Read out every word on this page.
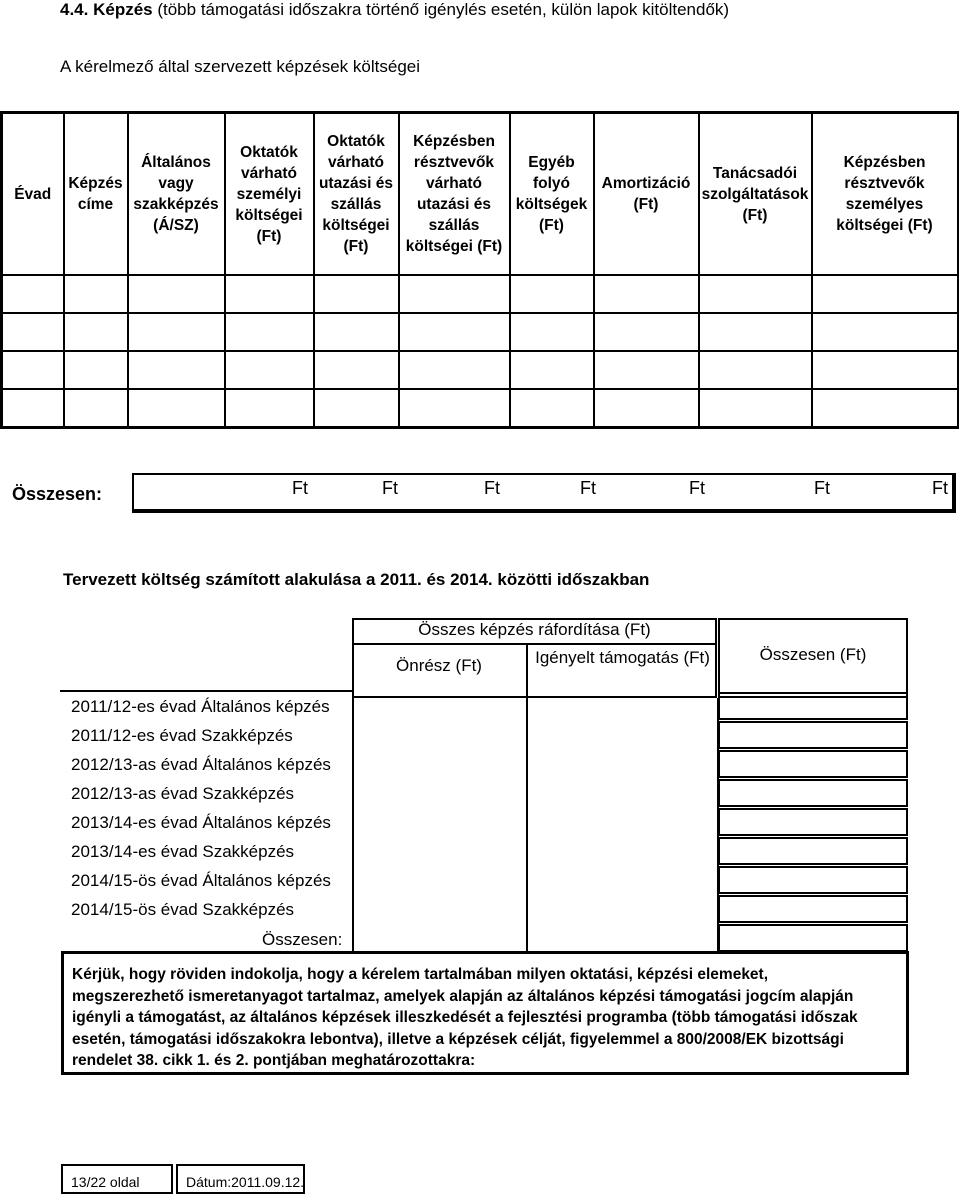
4.4. Képzés (több támogatási időszakra történő igénylés esetén, külön lapok kitöltendők)
A kérelmező által szervezett képzések költségei
Évad	Képzés címe	Általános vagy szakképzés (Á/SZ)	Oktatók várható személyi költségei (Ft)	Oktatók várható utazási és szállás költségei (Ft)	Képzésben résztvevők várható utazási és szállás költségei (Ft)	Egyéb folyó költségek (Ft)	Amortizáció (Ft)	Tanácsadói szolgáltatások (Ft)	Képzésben résztvevők személyes költségei (Ft)

Összesen:	Ft	Ft	Ft	Ft	Ft	Ft	Ft
Tervezett költség számított alakulása a 2011. és 2014. közötti időszakban
Összes képzés ráfordítása (Ft)
Önrész (Ft)	Igényelt támogatás (Ft)	Összesen (Ft)
2011/12-es évad Általános képzés
2011/12-es évad Szakképzés
2012/13-as évad Általános képzés
2012/13-as évad Szakképzés
2013/14-es évad Általános képzés
2013/14-es évad Szakképzés
2014/15-ös évad Általános képzés
2014/15-ös évad Szakképzés
Összesen:
Kérjük, hogy röviden indokolja, hogy a kérelem tartalmában milyen oktatási, képzési elemeket,
megszerezhető ismeretanyagot tartalmaz, amelyek alapján az általános képzési támogatási jogcím alapján
igényli a támogatást, az általános képzések illeszkedését a fejlesztési programba (több támogatási időszak
esetén, támogatási időszakokra lebontva), illetve a képzések célját, figyelemmel a 800/2008/EK bizottsági
rendelet 38. cikk 1. és 2. pontjában meghatározottakra:
13/22 oldal	Dátum:2011.09.12.
